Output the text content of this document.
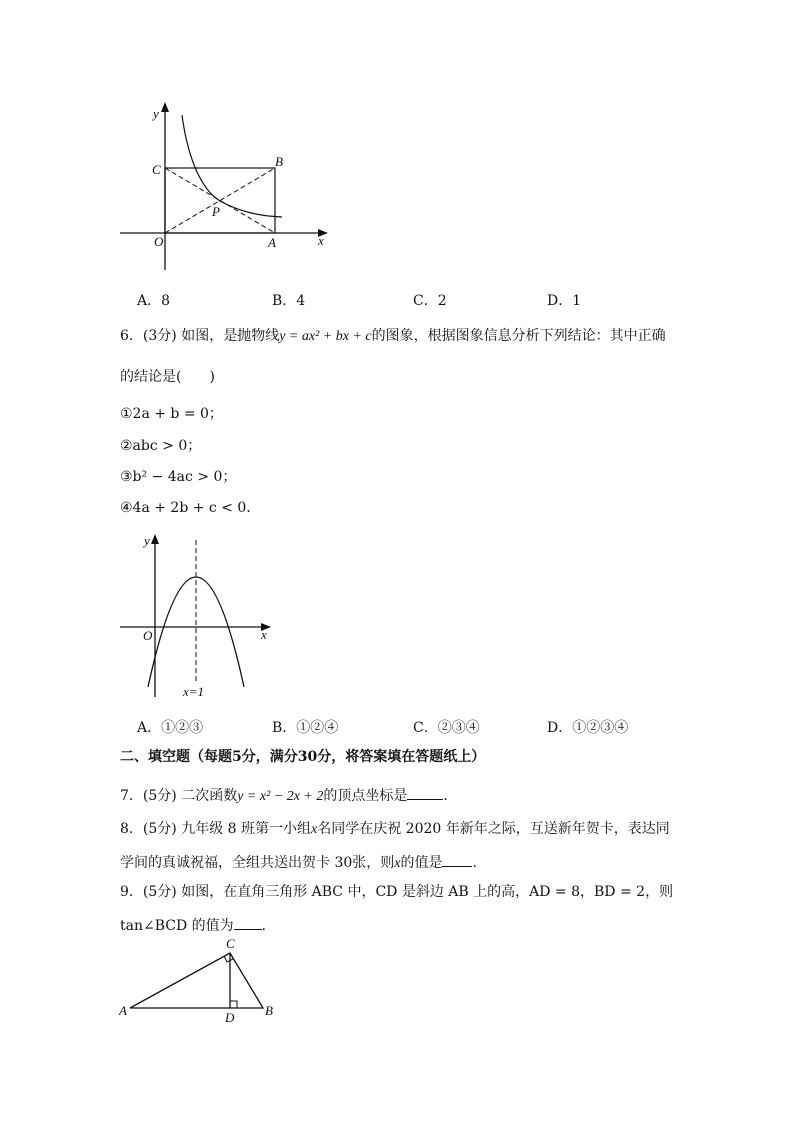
y
x
C
B
P
O	A
A．8	B．4	C．2	D．1
6．(3分) 如图，是抛物线y = ax² + bx + c的图象，根据图象信息分析下列结论：其中正确
的结论是(　　)
①2a + b = 0；
②abc > 0；
③b² − 4ac > 0；
④4a + 2b + c < 0．
y
x
O
x=1
A．①②③	B．①②④	C．②③④	D．①②③④
二、填空题（每题5分，满分30分，将答案填在答题纸上）
7．(5分) 二次函数y = x² − 2x + 2的顶点坐标是	．
8．(5分) 九年级 8 班第一小组x名同学在庆祝 2020 年新年之际，互送新年贺卡，表达同
学间的真诚祝福，全组共送出贺卡 30张，则x的值是 ．
9．(5分) 如图，在直角三角形 ABC 中，CD 是斜边 AB 上的高，AD = 8，BD = 2，则
tan∠BCD 的值为 ．
A	B
C
D
